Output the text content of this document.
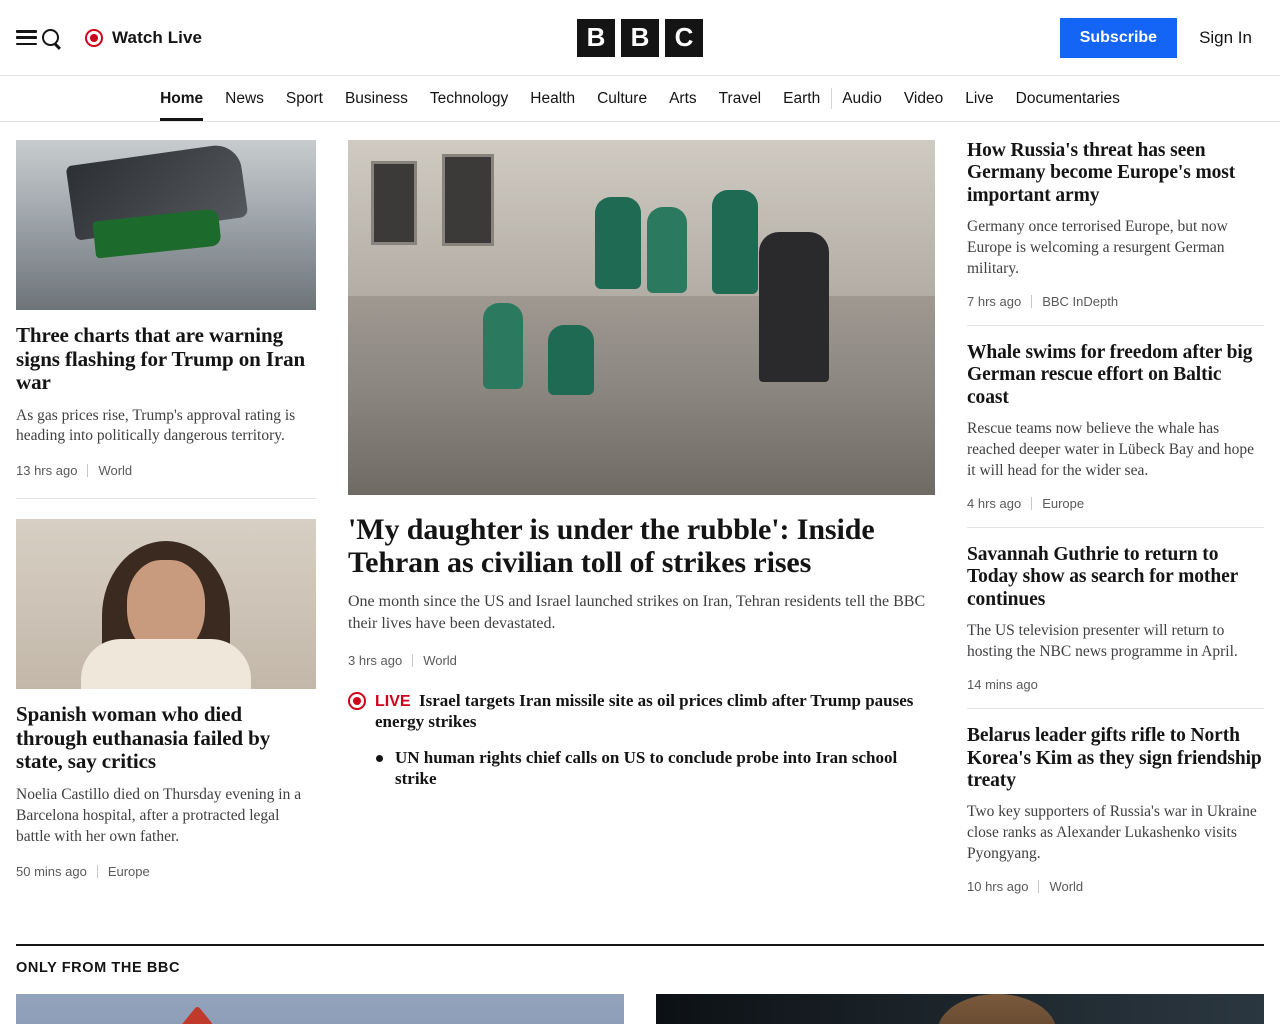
Watch Live	B B C	Subscribe	Sign In
Home	News	Sport	Business	Technology	Health	Culture	Arts	Travel	Earth	Audio	Video	Live	Documentaries
Three charts that are warning signs flashing for Trump on Iran war
As gas prices rise, Trump's approval rating is heading into politically dangerous territory.
13 hrs ago World
Spanish woman who died through euthanasia failed by state, say critics
Noelia Castillo died on Thursday evening in a Barcelona hospital, after a protracted legal battle with her own father.
50 mins ago Europe
'My daughter is under the rubble': Inside Tehran as civilian toll of strikes rises
One month since the US and Israel launched strikes on Iran, Tehran residents tell the BBC their lives have been devastated.
3 hrs ago World
LIVE Israel targets Iran missile site as oil prices climb after Trump pauses energy strikes
UN human rights chief calls on US to conclude probe into Iran school strike
How Russia's threat has seen Germany become Europe's most important army
Germany once terrorised Europe, but now Europe is welcoming a resurgent German military.
7 hrs ago BBC InDepth
Whale swims for freedom after big German rescue effort on Baltic coast
Rescue teams now believe the whale has reached deeper water in Lübeck Bay and hope it will head for the wider sea.
4 hrs ago Europe
Savannah Guthrie to return to Today show as search for mother continues
The US television presenter will return to hosting the NBC news programme in April.
14 mins ago
Belarus leader gifts rifle to North Korea's Kim as they sign friendship treaty
Two key supporters of Russia's war in Ukraine close ranks as Alexander Lukashenko visits Pyongyang.
10 hrs ago World
ONLY FROM THE BBC
